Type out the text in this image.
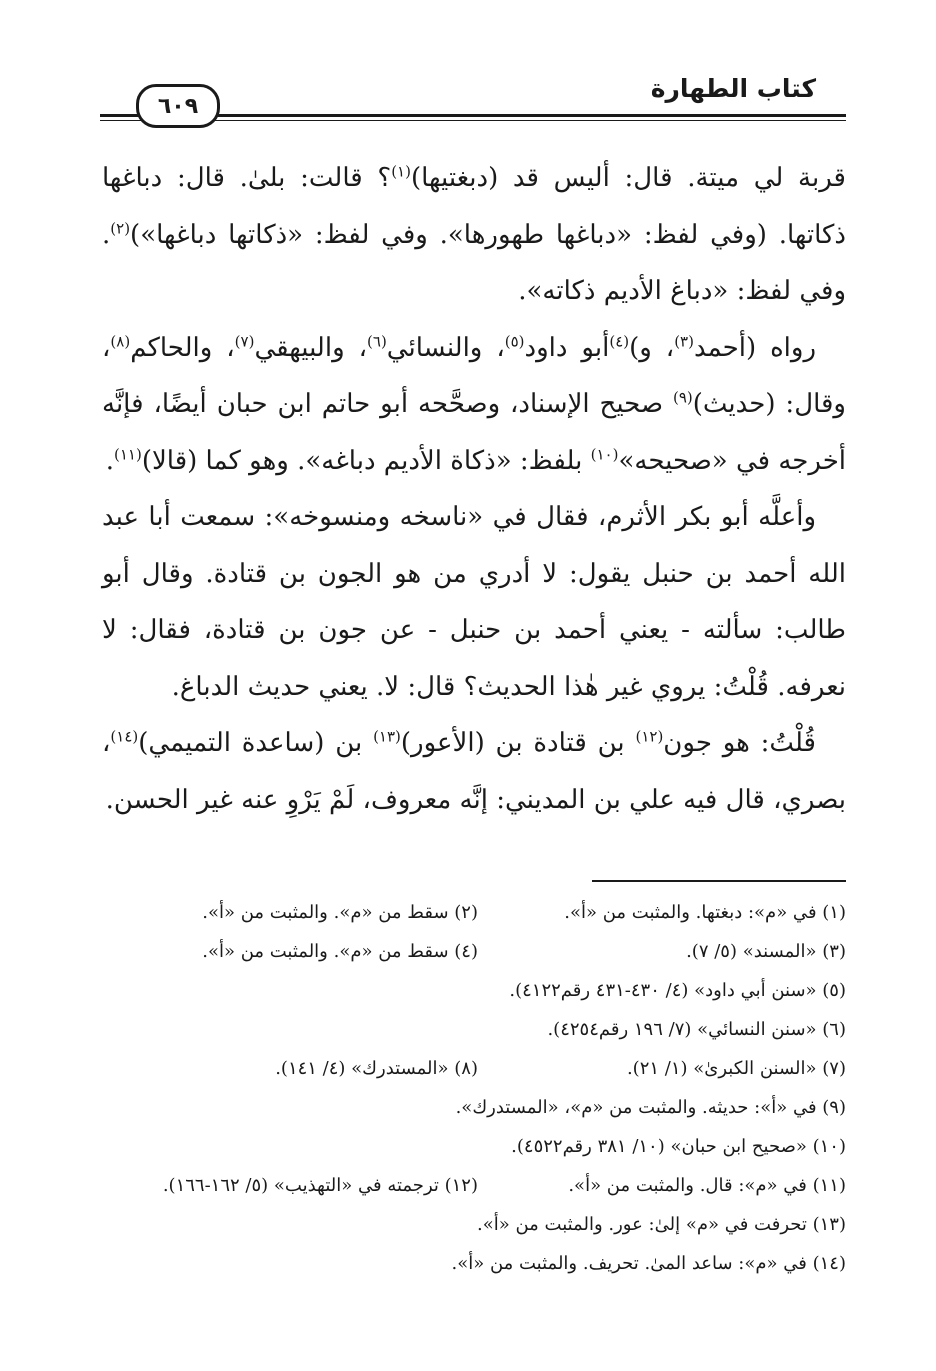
كتاب الطهارة
٦٠٩

قربة لي ميتة. قال: أليس قد (دبغتيها)$^{(١)}$؟ قالت: بلىٰ. قال: دباغها ذكاتها. (وفي لفظ: «دباغها طهورها». وفي لفظ: «ذكاتها دباغها»)$^{(٢)}$. وفي لفظ: «دباغ الأديم ذكاته».

رواه (أحمد$^{(٣)}$، و)$^{(٤)}$أبو داود$^{(٥)}$، والنسائي$^{(٦)}$، والبيهقي$^{(٧)}$، والحاكم$^{(٨)}$، وقال: (حديث)$^{(٩)}$ صحيح الإسناد، وصحَّحه أبو حاتم ابن حبان أيضًا، فإنَّه أخرجه في «صحيحه»$^{(١٠)}$ بلفظ: «ذكاة الأديم دباغه». وهو كما (قالا)$^{(١١)}$.

وأعلَّه أبو بكر الأثرم، فقال في «ناسخه ومنسوخه»: سمعت أبا عبد الله أحمد بن حنبل يقول: لا أدري من هو الجون بن قتادة. وقال أبو طالب: سألته - يعني أحمد بن حنبل - عن جون بن قتادة، فقال: لا نعرفه. قُلْتُ: يروي غير هٰذا الحديث؟ قال: لا. يعني حديث الدباغ.

قُلْتُ: هو جون$^{(١٢)}$ بن قتادة بن (الأعور)$^{(١٣)}$ بن (ساعدة التميمي)$^{(١٤)}$، بصري، قال فيه علي بن المديني: إنَّه معروف، لَمْ يَرْوِ عنه غير الحسن.

(١) في «م»: دبغتها. والمثبت من «أ».
(٢) سقط من «م». والمثبت من «أ».
(٣) «المسند» (٥/ ٧).
(٤) سقط من «م». والمثبت من «أ».
(٥) «سنن أبي داود» (٤/ ٤٣٠-٤٣١ رقم٤١٢٢).
(٦) «سنن النسائي» (٧/ ١٩٦ رقم٤٢٥٤).
(٧) «السنن الكبرىٰ» (١/ ٢١).
(٨) «المستدرك» (٤/ ١٤١).
(٩) في «أ»: حديثه. والمثبت من «م»، «المستدرك».
(١٠) «صحيح ابن حبان» (١٠/ ٣٨١ رقم٤٥٢٢).
(١١) في «م»: قال. والمثبت من «أ».
(١٢) ترجمته في «التهذيب» (٥/ ١٦٢-١٦٦).
(١٣) تحرفت في «م» إلىٰ: عور. والمثبت من «أ».
(١٤) في «م»: ساعد المىٰ. تحريف. والمثبت من «أ».
